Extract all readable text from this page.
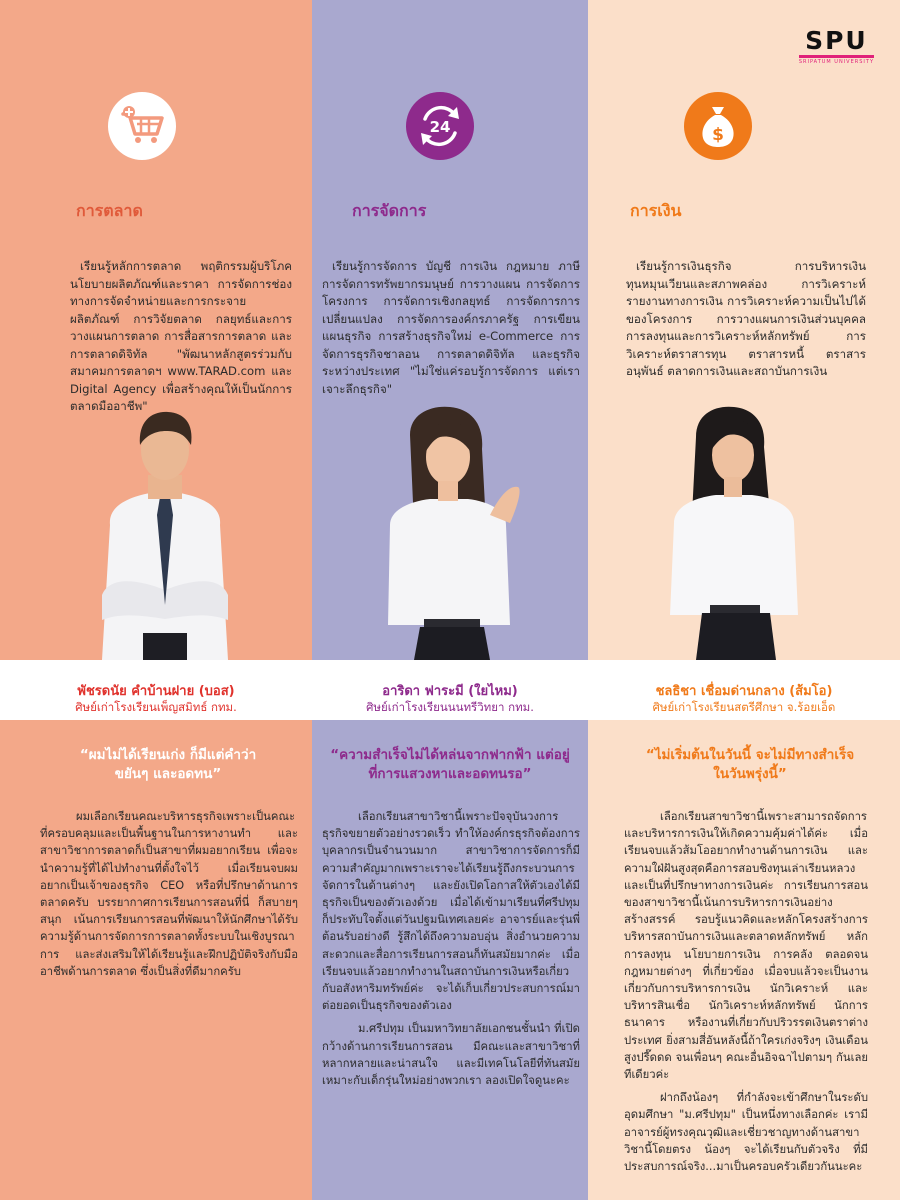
SPU
SRIPATUM UNIVERSITY
24	$
การตลาด	การจัดการ	การเงิน

เรียนรู้หลักการตลาด พฤติกรรมผู้บริโภค นโยบายผลิตภัณฑ์และราคา การจัดการช่องทางการจัดจำหน่ายและการกระจายผลิตภัณฑ์ การวิจัยตลาด กลยุทธ์และการวางแผนการตลาด การสื่อสารการตลาด และการตลาดดิจิทัล "พัฒนาหลักสูตรร่วมกับสมาคมการตลาดฯ www.TARAD.com และ Digital Agency เพื่อสร้างคุณให้เป็นนักการตลาดมืออาชีพ"

เรียนรู้การจัดการ บัญชี การเงิน กฎหมาย ภาษี การจัดการทรัพยากรมนุษย์ การวางแผน การจัดการโครงการ การจัดการเชิงกลยุทธ์ การจัดการการเปลี่ยนแปลง การจัดการองค์กรภาครัฐ การเขียนแผนธุรกิจ การสร้างธุรกิจใหม่ e-Commerce การจัดการธุรกิจชาลอน การตลาดดิจิทัล และธุรกิจระหว่างประเทศ "ไม่ใช่แค่รอบรู้การจัดการ แต่เราเจาะลึกธุรกิจ"

เรียนรู้การเงินธุรกิจ การบริหารเงินทุนหมุนเวียนและสภาพคล่อง การวิเคราะห์รายงานทางการเงิน การวิเคราะห์ความเป็นไปได้ของโครงการ การวางแผนการเงินส่วนบุคคล การลงทุนและการวิเคราะห์หลักทรัพย์ การวิเคราะห์ตราสารทุน ตราสารหนี้ ตราสารอนุพันธ์ ตลาดการเงินและสถาบันการเงิน

พัชรดนัย คำบ้านฝาย (บอส)
ศิษย์เก่าโรงเรียนเพ็ญสมิทธ์ กทม.
อาริดา ฟาระมี (ใยไหม)
ศิษย์เก่าโรงเรียนนนทรีวิทยา กทม.
ชลธิชา เชื่อมด่านกลาง (ส้มโอ)
ศิษย์เก่าโรงเรียนสตรีศึกษา จ.ร้อยเอ็ด

“ผมไม่ได้เรียนเก่ง ก็มีแต่คำว่าขยันๆ และอดทน”

“ความสำเร็จไม่ได้หล่นจากฟากฟ้า แต่อยู่ที่การแสวงหาและอดทนรอ”

“ไม่เริ่มต้นในวันนี้ จะไม่มีทางสำเร็จในวันพรุ่งนี้”

ผมเลือกเรียนคณะบริหารธุรกิจเพราะเป็นคณะที่ครอบคลุมและเป็นพื้นฐานในการหางานทำ และสาขาวิชาการตลาดก็เป็นสาขาที่ผมอยากเรียน เพื่อจะนำความรู้ที่ได้ไปทำงานที่ตั้งใจไว้ เมื่อเรียนจบผมอยากเป็นเจ้าของธุรกิจ CEO หรือที่ปรึกษาด้านการตลาดครับ บรรยากาศการเรียนการสอนที่นี่ ก็สบายๆ สนุก เน้นการเรียนการสอนที่พัฒนาให้นักศึกษาได้รับความรู้ด้านการจัดการการตลาดทั้งระบบในเชิงบูรณาการ และส่งเสริมให้ได้เรียนรู้และฝึกปฏิบัติจริงกับมืออาชีพด้านการตลาด ซึ่งเป็นสิ่งที่ดีมากครับ

เลือกเรียนสาขาวิชานี้เพราะปัจจุบันวงการธุรกิจขยายตัวอย่างรวดเร็ว ทำให้องค์กรธุรกิจต้องการบุคลากรเป็นจำนวนมาก สาขาวิชาการจัดการก็มีความสำคัญมากเพราะเราจะได้เรียนรู้ถึงกระบวนการจัดการในด้านต่างๆ และยังเปิดโอกาสให้ตัวเองได้มีธุรกิจเป็นของตัวเองด้วย เมื่อได้เข้ามาเรียนที่ศรีปทุม ก็ประทับใจตั้งแต่วันปฐมนิเทศเลยค่ะ อาจารย์และรุ่นพี่ต้อนรับอย่างดี รู้สึกได้ถึงความอบอุ่น สิ่งอำนวยความสะดวกและสื่อการเรียนการสอนก็ทันสมัยมากค่ะ เมื่อเรียนจบแล้วอยากทำงานในสถาบันการเงินหรือเกี่ยวกับอสังหาริมทรัพย์ค่ะ จะได้เก็บเกี่ยวประสบการณ์มาต่อยอดเป็นธุรกิจของตัวเอง

ม.ศรีปทุม เป็นมหาวิทยาลัยเอกชนชั้นนำ ที่เปิดกว้างด้านการเรียนการสอน มีคณะและสาขาวิชาที่หลากหลายและน่าสนใจ และมีเทคโนโลยีที่ทันสมัยเหมาะกับเด็กรุ่นใหม่อย่างพวกเรา ลองเปิดใจดูนะคะ

เลือกเรียนสาขาวิชานี้เพราะสามารถจัดการและบริหารการเงินให้เกิดความคุ้มค่าได้ค่ะ เมื่อเรียนจบแล้วส้มโออยากทำงานด้านการเงิน และความใฝ่ฝันสูงสุดคือการสอบชิงทุนเล่าเรียนหลวงและเป็นที่ปรึกษาทางการเงินค่ะ การเรียนการสอนของสาขาวิชานี้เน้นการบริหารการเงินอย่างสร้างสรรค์ รอบรู้แนวคิดและหลักโครงสร้างการบริหารสถาบันการเงินและตลาดหลักทรัพย์ หลักการลงทุน นโยบายการเงิน การคลัง ตลอดจนกฎหมายต่างๆ ที่เกี่ยวข้อง เมื่อจบแล้วจะเป็นงานเกี่ยวกับการบริหารการเงิน นักวิเคราะห์ และบริหารสินเชื่อ นักวิเคราะห์หลักทรัพย์ นักการธนาคาร หรืองานที่เกี่ยวกับปริวรรตเงินตราต่างประเทศ ยิ่งสามสี่อันหลังนี้ถ้าใครเก่งจริงๆ เงินเดือนสูงปรี๊ดดด จนเพื่อนๆ คณะอื่นอิจฉาไปตามๆ กันเลยทีเดียวค่ะ

ฝากถึงน้องๆ ที่กำลังจะเข้าศึกษาในระดับอุดมศึกษา "ม.ศรีปทุม" เป็นหนึ่งทางเลือกค่ะ เรามีอาจารย์ผู้ทรงคุณวุฒิและเชี่ยวชาญทางด้านสาขาวิชานี้โดยตรง น้องๆ จะได้เรียนกับตัวจริง ที่มีประสบการณ์จริง...มาเป็นครอบครัวเดียวกันนะคะ
